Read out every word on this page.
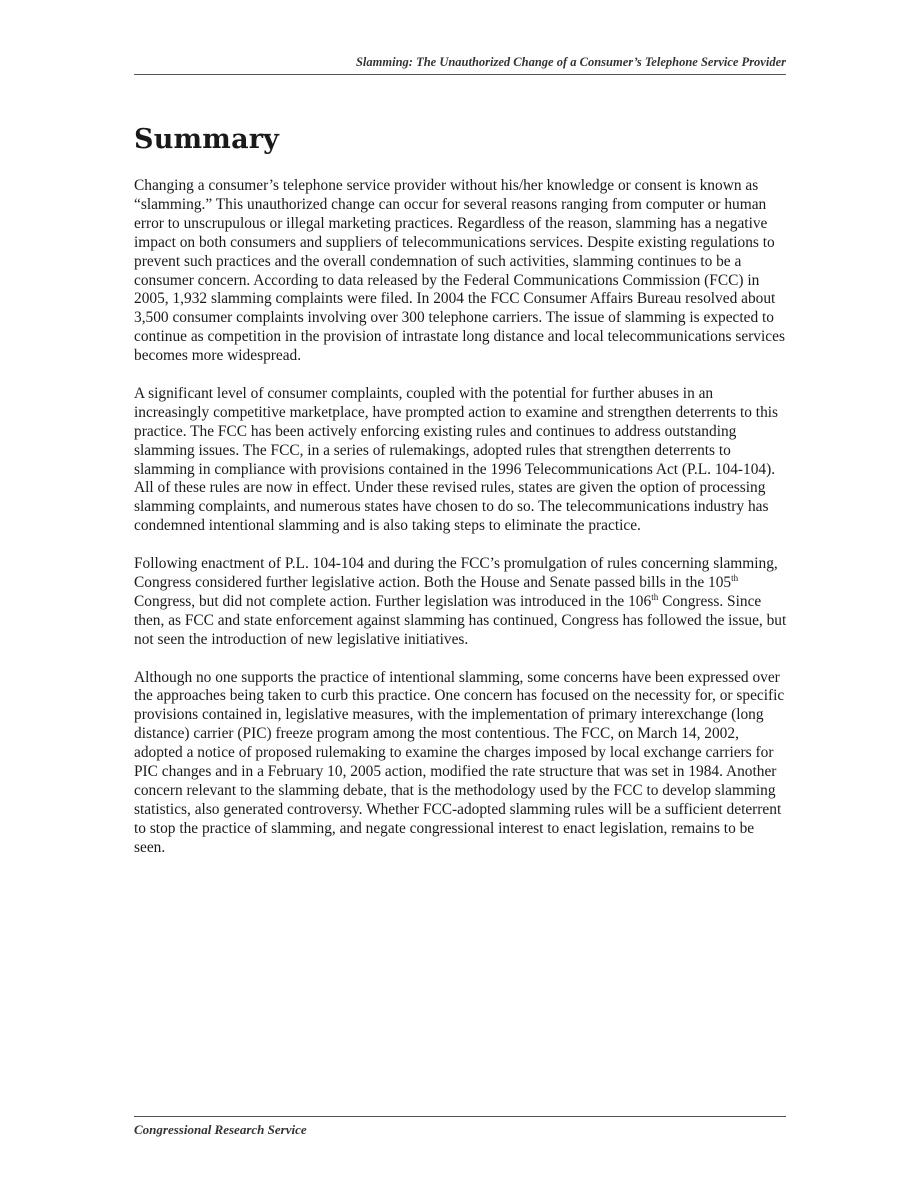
Slamming: The Unauthorized Change of a Consumer’s Telephone Service Provider
Summary

Changing a consumer’s telephone service provider without his/her knowledge or consent is known as “slamming.” This unauthorized change can occur for several reasons ranging from computer or human error to unscrupulous or illegal marketing practices. Regardless of the reason, slamming has a negative impact on both consumers and suppliers of telecommunications services. Despite existing regulations to prevent such practices and the overall condemnation of such activities, slamming continues to be a consumer concern. According to data released by the Federal Communications Commission (FCC) in 2005, 1,932 slamming complaints were filed. In 2004 the FCC Consumer Affairs Bureau resolved about 3,500 consumer complaints involving over 300 telephone carriers. The issue of slamming is expected to continue as competition in the provision of intrastate long distance and local telecommunications services becomes more widespread.

A significant level of consumer complaints, coupled with the potential for further abuses in an increasingly competitive marketplace, have prompted action to examine and strengthen deterrents to this practice. The FCC has been actively enforcing existing rules and continues to address outstanding slamming issues. The FCC, in a series of rulemakings, adopted rules that strengthen deterrents to slamming in compliance with provisions contained in the 1996 Telecommunications Act (P.L. 104-104). All of these rules are now in effect. Under these revised rules, states are given the option of processing slamming complaints, and numerous states have chosen to do so. The telecommunications industry has condemned intentional slamming and is also taking steps to eliminate the practice.

Following enactment of P.L. 104-104 and during the FCC’s promulgation of rules concerning slamming, Congress considered further legislative action. Both the House and Senate passed bills in the 105th Congress, but did not complete action. Further legislation was introduced in the 106th Congress. Since then, as FCC and state enforcement against slamming has continued, Congress has followed the issue, but not seen the introduction of new legislative initiatives.

Although no one supports the practice of intentional slamming, some concerns have been expressed over the approaches being taken to curb this practice. One concern has focused on the necessity for, or specific provisions contained in, legislative measures, with the implementation of primary interexchange (long distance) carrier (PIC) freeze program among the most contentious. The FCC, on March 14, 2002, adopted a notice of proposed rulemaking to examine the charges imposed by local exchange carriers for PIC changes and in a February 10, 2005 action, modified the rate structure that was set in 1984. Another concern relevant to the slamming debate, that is the methodology used by the FCC to develop slamming statistics, also generated controversy. Whether FCC-adopted slamming rules will be a sufficient deterrent to stop the practice of slamming, and negate congressional interest to enact legislation, remains to be seen.

Congressional Research Service
